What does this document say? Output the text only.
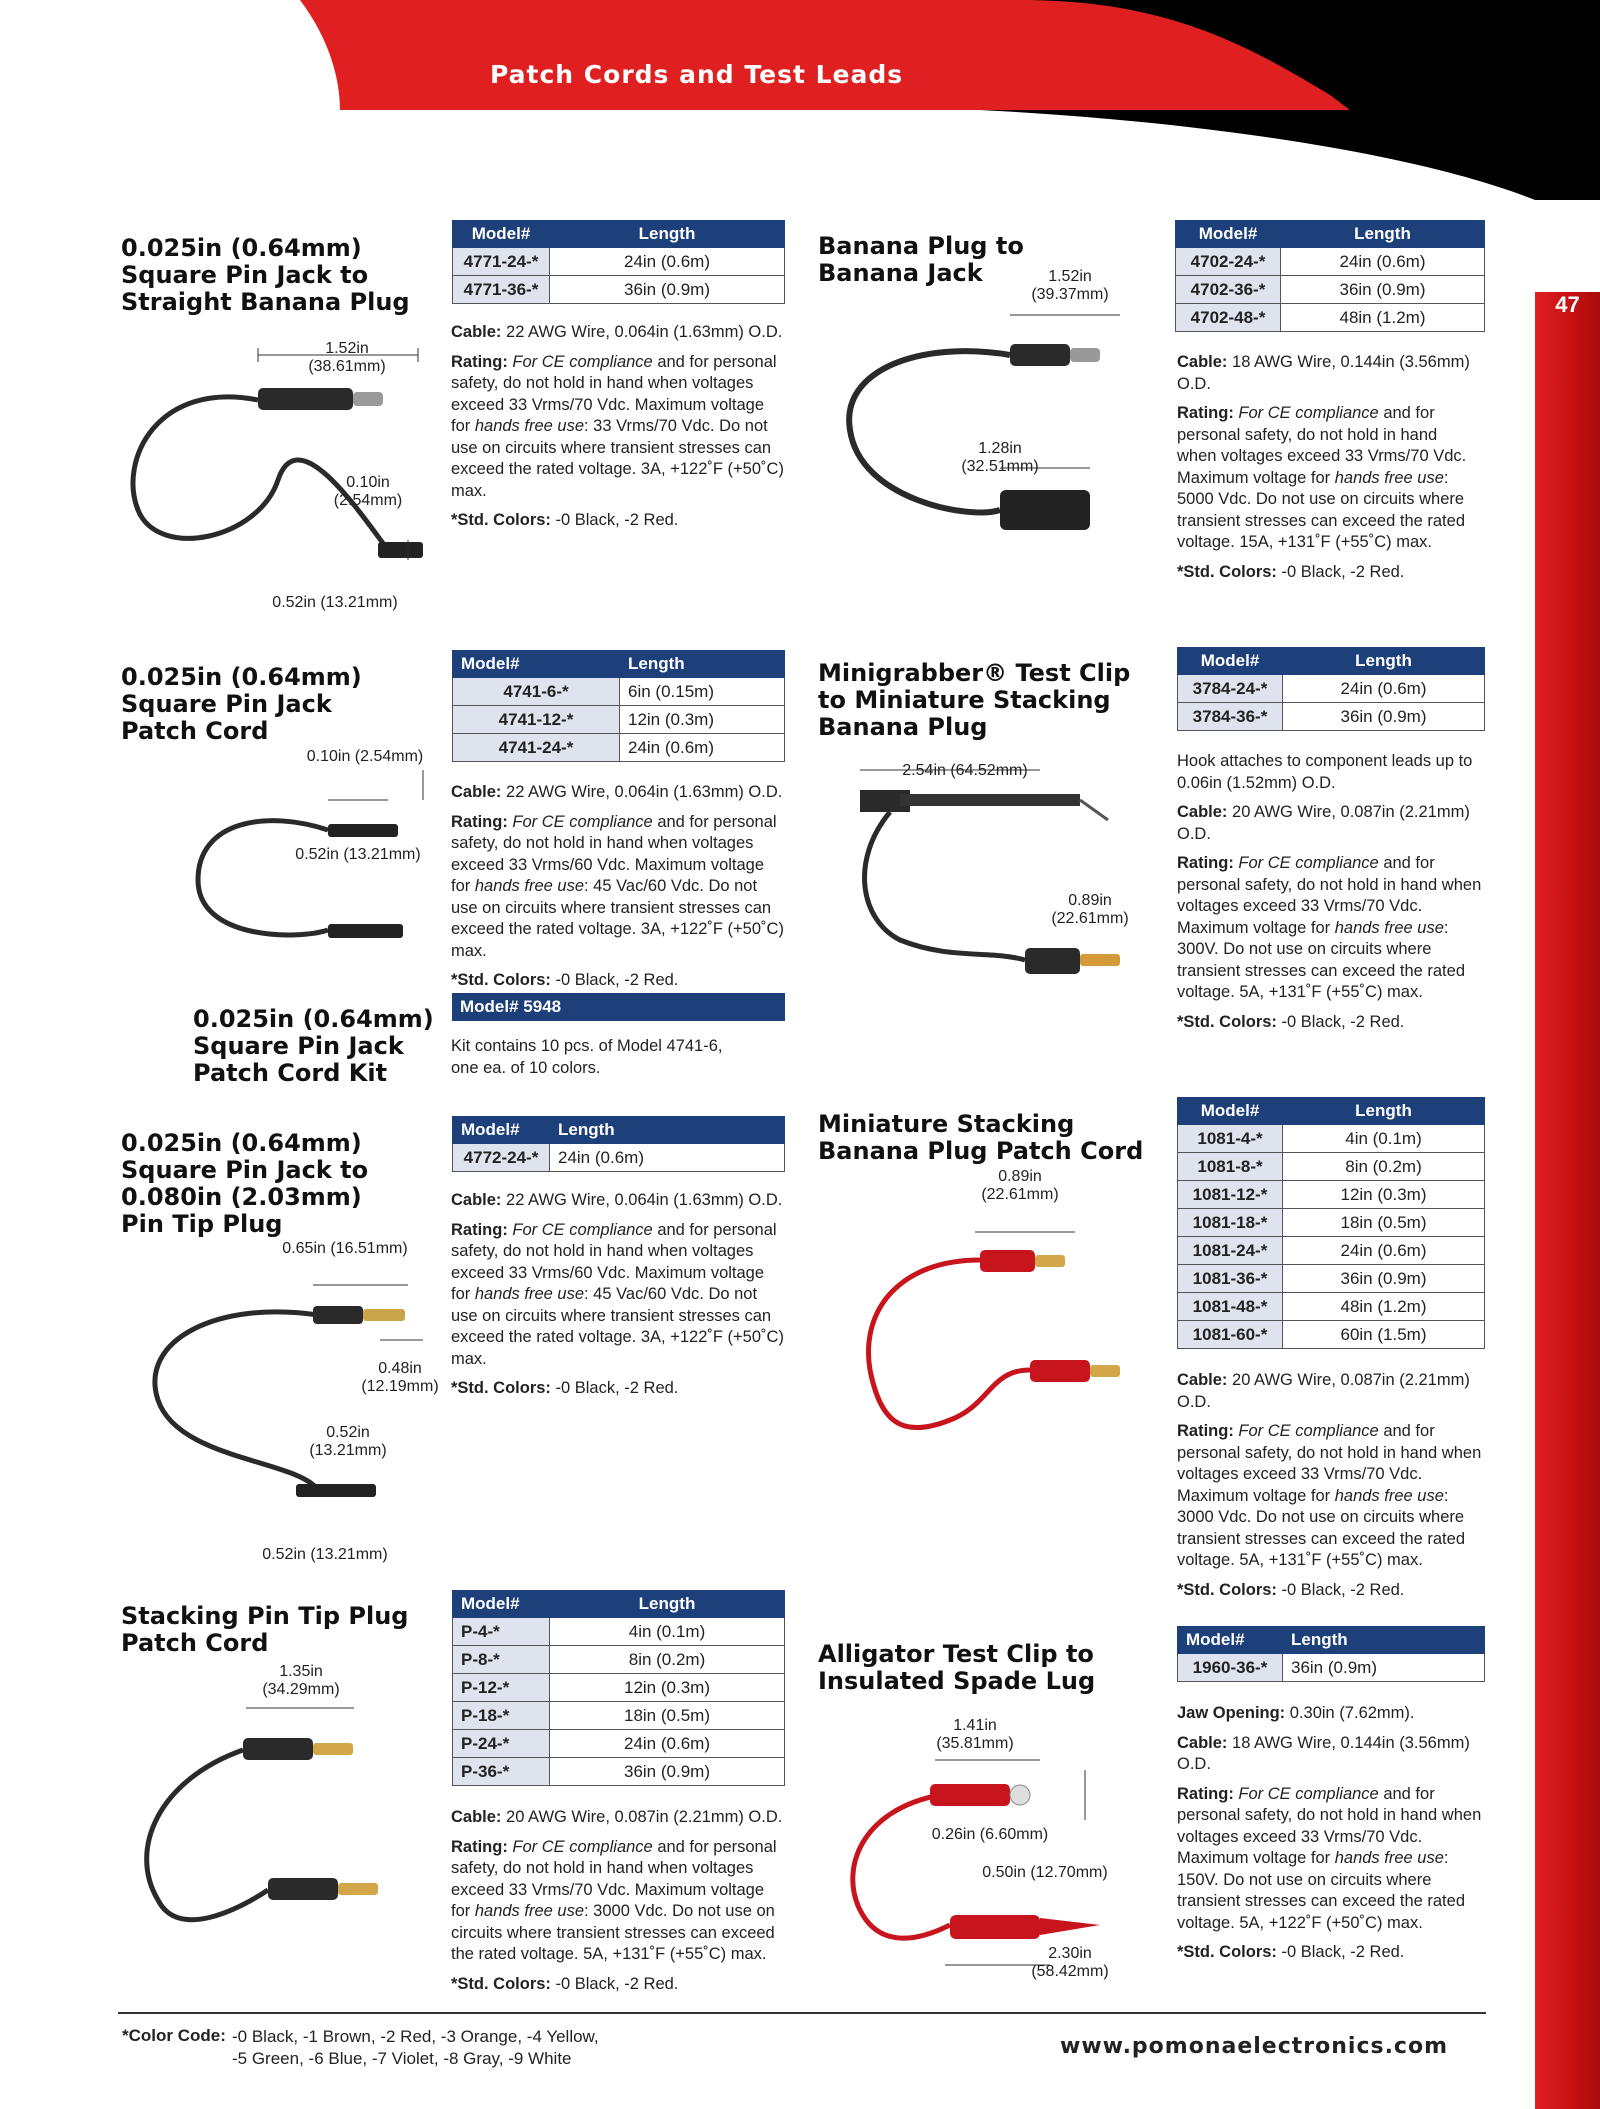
Patch Cords and Test Leads
47
0.025in (0.64mm)
Square Pin Jack to
Straight Banana Plug
Model#	Length
4771-24-*	24in (0.6m)
4771-36-*	36in (0.9m)

Cable: 22 AWG Wire, 0.064in (1.63mm) O.D.

Rating: For CE compliance and for personal safety, do not hold in hand when voltages exceed 33 Vrms/70 Vdc. Maximum voltage for hands free use: 33 Vrms/70 Vdc. Do not use on circuits where transient stresses can exceed the rated voltage. 3A, +122˚F (+50˚C) max.

*Std. Colors: -0 Black, -2 Red.

1.52in
(38.61mm)
0.10in
(2.54mm)
0.52in (13.21mm)
Banana Plug to
Banana Jack
Model#	Length
4702-24-*	24in (0.6m)
4702-36-*	36in (0.9m)
4702-48-*	48in (1.2m)

Cable: 18 AWG Wire, 0.144in (3.56mm) O.D.

Rating: For CE compliance and for personal safety, do not hold in hand when voltages exceed 33 Vrms/70 Vdc. Maximum voltage for hands free use: 5000 Vdc. Do not use on circuits where transient stresses can exceed the rated voltage. 15A, +131˚F (+55˚C) max.

*Std. Colors: -0 Black, -2 Red.

1.52in
(39.37mm)
1.28in
(32.51mm)
0.025in (0.64mm)
Square Pin Jack
Patch Cord
Model#	Length
4741-6-*	6in (0.15m)
4741-12-*	12in (0.3m)
4741-24-*	24in (0.6m)

Cable: 22 AWG Wire, 0.064in (1.63mm) O.D.

Rating: For CE compliance and for personal safety, do not hold in hand when voltages exceed 33 Vrms/60 Vdc. Maximum voltage for hands free use: 45 Vac/60 Vdc. Do not use on circuits where transient stresses can exceed the rated voltage. 3A, +122˚F (+50˚C) max.

*Std. Colors: -0 Black, -2 Red.

0.10in (2.54mm)
0.52in (13.21mm)
Minigrabber® Test Clip
to Miniature Stacking
Banana Plug
Model#	Length
3784-24-*	24in (0.6m)
3784-36-*	36in (0.9m)

Hook attaches to component leads up to 0.06in (1.52mm) O.D.

Cable: 20 AWG Wire, 0.087in (2.21mm) O.D.

Rating: For CE compliance and for personal safety, do not hold in hand when voltages exceed 33 Vrms/70 Vdc. Maximum voltage for hands free use: 300V. Do not use on circuits where transient stresses can exceed the rated voltage. 5A, +131˚F (+55˚C) max.

*Std. Colors: -0 Black, -2 Red.

2.54in (64.52mm)
0.89in
(22.61mm)
0.025in (0.64mm)
Square Pin Jack
Patch Cord Kit
Model# 5948
Kit contains 10 pcs. of Model 4741-6, one ea. of 10 colors.
0.025in (0.64mm)
Square Pin Jack to
0.080in (2.03mm)
Pin Tip Plug
Model#	Length
4772-24-*	24in (0.6m)

Cable: 22 AWG Wire, 0.064in (1.63mm) O.D.

Rating: For CE compliance and for personal safety, do not hold in hand when voltages exceed 33 Vrms/60 Vdc. Maximum voltage for hands free use: 45 Vac/60 Vdc. Do not use on circuits where transient stresses can exceed the rated voltage. 3A, +122˚F (+50˚C) max.

*Std. Colors: -0 Black, -2 Red.

0.65in (16.51mm)
0.48in
(12.19mm)
0.52in
(13.21mm)
0.52in (13.21mm)
Miniature Stacking
Banana Plug Patch Cord
Model#	Length
1081-4-*	4in (0.1m)
1081-8-*	8in (0.2m)
1081-12-*	12in (0.3m)
1081-18-*	18in (0.5m)
1081-24-*	24in (0.6m)
1081-36-*	36in (0.9m)
1081-48-*	48in (1.2m)
1081-60-*	60in (1.5m)

Cable: 20 AWG Wire, 0.087in (2.21mm) O.D.

Rating: For CE compliance and for personal safety, do not hold in hand when voltages exceed 33 Vrms/70 Vdc. Maximum voltage for hands free use: 3000 Vdc. Do not use on circuits where transient stresses can exceed the rated voltage. 5A, +131˚F (+55˚C) max.

*Std. Colors: -0 Black, -2 Red.

0.89in
(22.61mm)
Stacking Pin Tip Plug
Patch Cord
Model#	Length
P-4-*	4in (0.1m)
P-8-*	8in (0.2m)
P-12-*	12in (0.3m)
P-18-*	18in (0.5m)
P-24-*	24in (0.6m)
P-36-*	36in (0.9m)

Cable: 20 AWG Wire, 0.087in (2.21mm) O.D.

Rating: For CE compliance and for personal safety, do not hold in hand when voltages exceed 33 Vrms/70 Vdc. Maximum voltage for hands free use: 3000 Vdc. Do not use on circuits where transient stresses can exceed the rated voltage. 5A, +131˚F (+55˚C) max.

*Std. Colors: -0 Black, -2 Red.

1.35in
(34.29mm)
Alligator Test Clip to
Insulated Spade Lug
Model#	Length
1960-36-*	36in (0.9m)

Jaw Opening: 0.30in (7.62mm).

Cable: 18 AWG Wire, 0.144in (3.56mm) O.D.

Rating: For CE compliance and for personal safety, do not hold in hand when voltages exceed 33 Vrms/70 Vdc. Maximum voltage for hands free use: 150V. Do not use on circuits where transient stresses can exceed the rated voltage. 5A, +122˚F (+50˚C) max.

*Std. Colors: -0 Black, -2 Red.

1.41in
(35.81mm)
0.26in (6.60mm)
0.50in (12.70mm)
2.30in
(58.42mm)
*Color Code: -0 Black, -1 Brown, -2 Red, -3 Orange, -4 Yellow,
-5 Green, -6 Blue, -7 Violet, -8 Gray, -9 White	www.pomonaelectronics.com
